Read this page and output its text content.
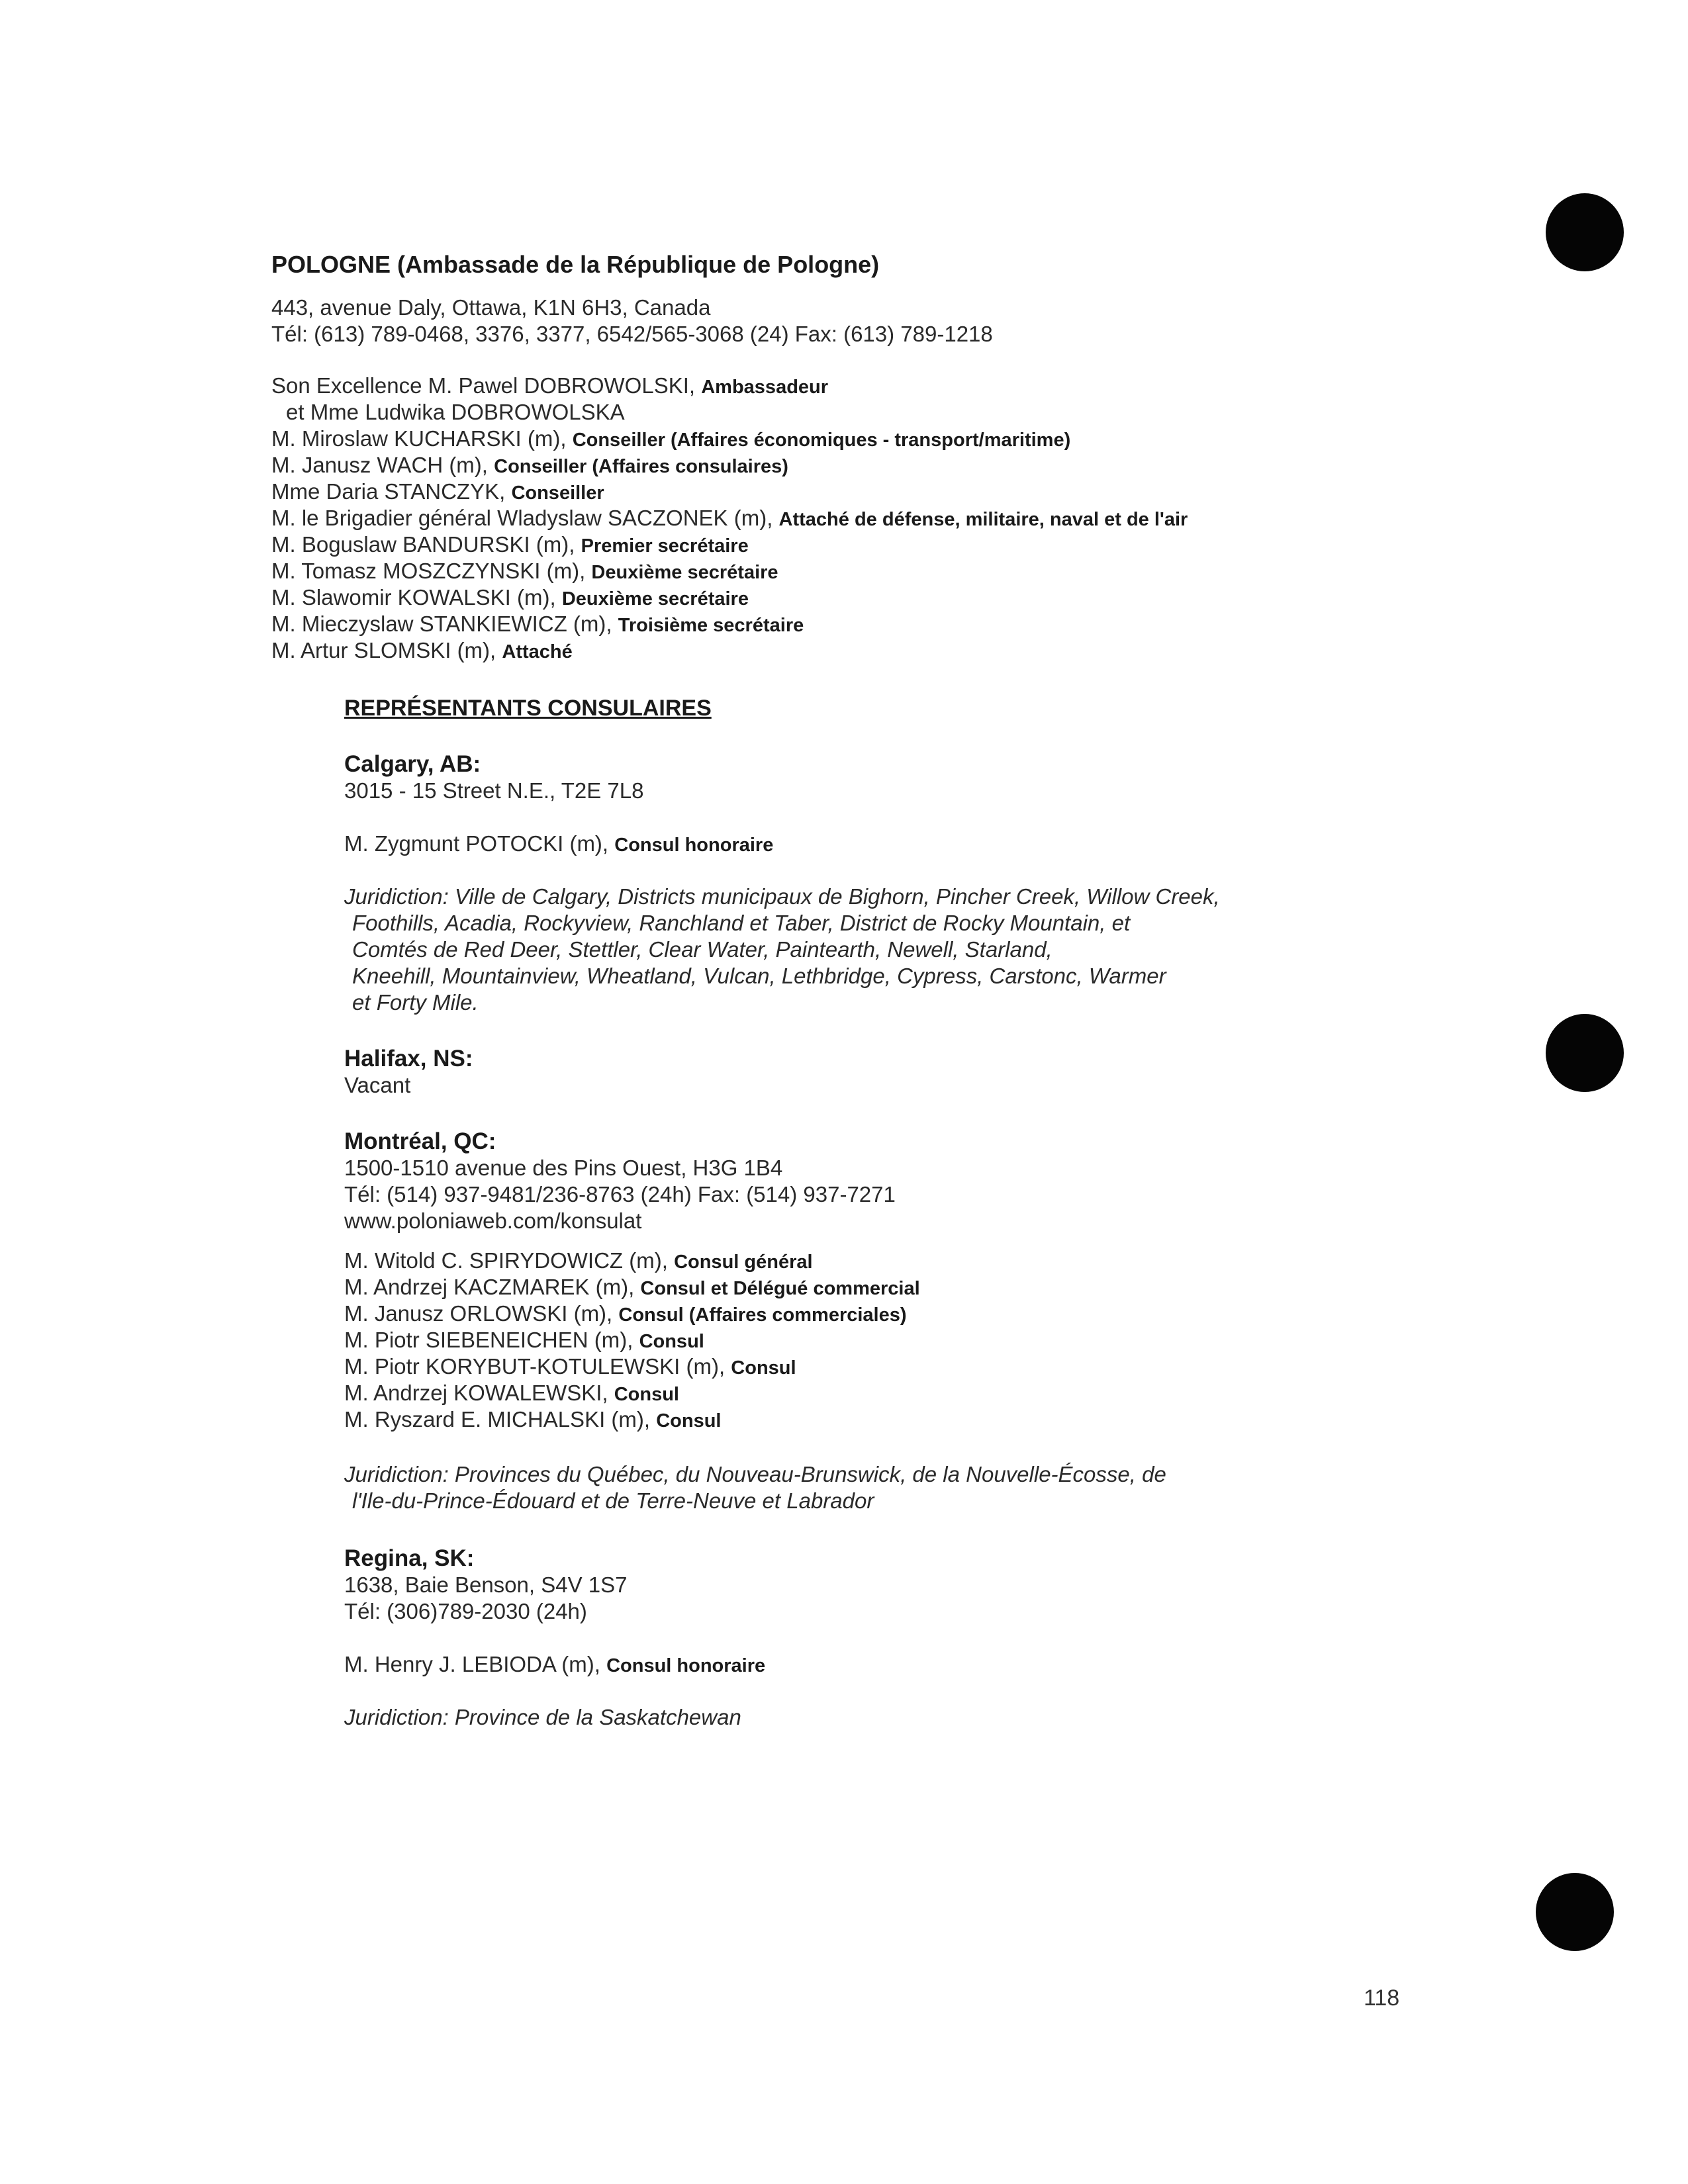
POLOGNE (Ambassade de la République de Pologne)
443, avenue Daly, Ottawa, K1N 6H3, Canada
Tél: (613) 789-0468, 3376, 3377, 6542/565-3068 (24) Fax: (613) 789-1218
Son Excellence M. Pawel DOBROWOLSKI, Ambassadeur
et Mme Ludwika DOBROWOLSKA
M. Miroslaw KUCHARSKI (m), Conseiller (Affaires économiques - transport/maritime)
M. Janusz WACH (m), Conseiller (Affaires consulaires)
Mme Daria STANCZYK, Conseiller
M. le Brigadier général Wladyslaw SACZONEK (m), Attaché de défense, militaire, naval et de l'air
M. Boguslaw BANDURSKI (m), Premier secrétaire
M. Tomasz MOSZCZYNSKI (m), Deuxième secrétaire
M. Slawomir KOWALSKI (m), Deuxième secrétaire
M. Mieczyslaw STANKIEWICZ (m), Troisième secrétaire
M. Artur SLOMSKI (m), Attaché
REPRÉSENTANTS CONSULAIRES
Calgary, AB:
3015 - 15 Street N.E., T2E 7L8
M. Zygmunt POTOCKI (m), Consul honoraire
Juridiction: Ville de Calgary, Districts municipaux de Bighorn, Pincher Creek, Willow Creek,
Foothills, Acadia, Rockyview, Ranchland et Taber, District de Rocky Mountain, et
Comtés de Red Deer, Stettler, Clear Water, Paintearth, Newell, Starland,
Kneehill, Mountainview, Wheatland, Vulcan, Lethbridge, Cypress, Carstonc, Warmer
et Forty Mile.
Halifax, NS:
Vacant
Montréal, QC:
1500-1510 avenue des Pins Ouest, H3G 1B4
Tél: (514) 937-9481/236-8763 (24h) Fax: (514) 937-7271
www.poloniaweb.com/konsulat
M. Witold C. SPIRYDOWICZ (m), Consul général
M. Andrzej KACZMAREK (m), Consul et Délégué commercial
M. Janusz ORLOWSKI (m), Consul (Affaires commerciales)
M. Piotr SIEBENEICHEN (m), Consul
M. Piotr KORYBUT-KOTULEWSKI (m), Consul
M. Andrzej KOWALEWSKI, Consul
M. Ryszard E. MICHALSKI (m), Consul
Juridiction: Provinces du Québec, du Nouveau-Brunswick, de la Nouvelle-Écosse, de
l'Ile-du-Prince-Édouard et de Terre-Neuve et Labrador
Regina, SK:
1638, Baie Benson, S4V 1S7
Tél: (306)789-2030 (24h)
M. Henry J. LEBIODA (m), Consul honoraire
Juridiction: Province de la Saskatchewan
118
